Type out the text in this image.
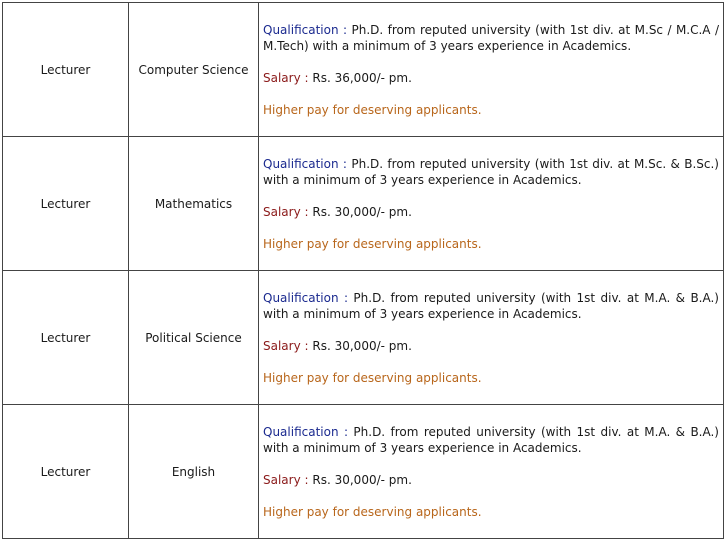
Lecturer	Computer Science	Qualification : Ph.D. from reputed university (with 1st div. at M.Sc / M.C.A / M.Tech) with a minimum of 3 years experience in Academics.
Salary : Rs. 36,000/- pm.
Higher pay for deserving applicants.

Lecturer	Mathematics	Qualification : Ph.D. from reputed university (with 1st div. at M.Sc. & B.Sc.) with a minimum of 3 years experience in Academics.
Salary : Rs. 30,000/- pm.
Higher pay for deserving applicants.

Lecturer	Political Science	Qualification : Ph.D. from reputed university (with 1st div. at M.A. & B.A.) with a minimum of 3 years experience in Academics.
Salary : Rs. 30,000/- pm.
Higher pay for deserving applicants.

Lecturer	English	Qualification : Ph.D. from reputed university (with 1st div. at M.A. & B.A.) with a minimum of 3 years experience in Academics.
Salary : Rs. 30,000/- pm.
Higher pay for deserving applicants.
